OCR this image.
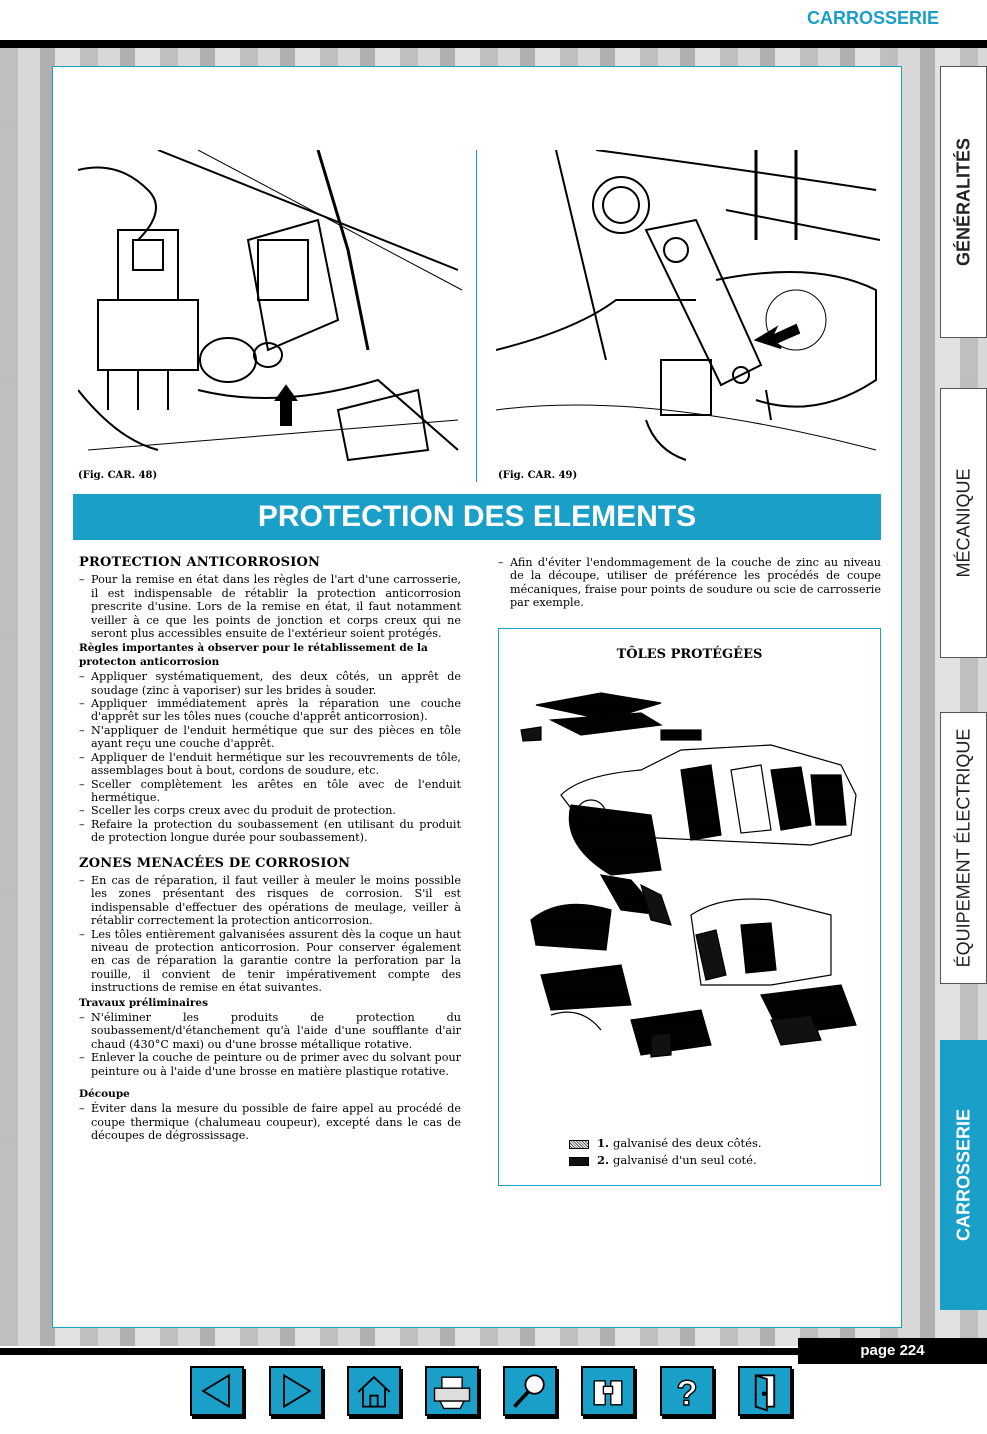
CARROSSERIE
(Fig. CAR. 48)	(Fig. CAR. 49)
PROTECTION DES ELEMENTS
PROTECTION ANTICORROSION
– Pour la remise en état dans les règles de l'art d'une carrosserie, il est indispensable de rétablir la protection anticorrosion prescrite d'usine. Lors de la remise en état, il faut notamment veiller à ce que les points de jonction et corps creux qui ne seront plus accessibles ensuite de l'extérieur soient protégés.
Règles importantes à observer pour le rétablissement de la protecton anticorrosion
– Appliquer systématiquement, des deux côtés, un apprêt de soudage (zinc à vaporiser) sur les brides à souder.
– Appliquer immédiatement après la réparation une couche d'apprêt sur les tôles nues (couche d'apprêt anticorrosion).
– N'appliquer de l'enduit hermétique que sur des pièces en tôle ayant reçu une couche d'apprêt.
– Appliquer de l'enduit hermétique sur les recouvrements de tôle, assemblages bout à bout, cordons de soudure, etc.
– Sceller complètement les arêtes en tôle avec de l'enduit hermétique.
– Sceller les corps creux avec du produit de protection.
– Refaire la protection du soubassement (en utilisant du produit de protection longue durée pour soubassement).
ZONES MENACÉES DE CORROSION
– En cas de réparation, il faut veiller à meuler le moins possible les zones présentant des risques de corrosion. S'il est indispensable d'effectuer des opérations de meulage, veiller à rétablir correctement la protection anticorrosion.
– Les tôles entièrement galvanisées assurent dès la coque un haut niveau de protection anticorrosion. Pour conserver également en cas de réparation la garantie contre la perforation par la rouille, il convient de tenir impérativement compte des instructions de remise en état suivantes.
Travaux préliminaires
– N'éliminer les produits de protection du soubassement/d'étanchement qu'à l'aide d'une soufflante d'air chaud (430°C maxi) ou d'une brosse métallique rotative.
– Enlever la couche de peinture ou de primer avec du solvant pour peinture ou à l'aide d'une brosse en matière plastique rotative.
Découpe
– Éviter dans la mesure du possible de faire appel au procédé de coupe thermique (chalumeau coupeur), excepté dans le cas de découpes de dégrossissage.
– Afin d'éviter l'endommagement de la couche de zinc au niveau de la découpe, utiliser de préférence les procédés de coupe mécaniques, fraise pour points de soudure ou scie de carrosserie par exemple.
TÔLES PROTÉGÉES
1. galvanisé des deux côtés.
2. galvanisé d'un seul coté.
GÉNÉRALITÉS
MÉCANIQUE
ÉQUIPEMENT ÉLECTRIQUE
CARROSSERIE
page 224
?
